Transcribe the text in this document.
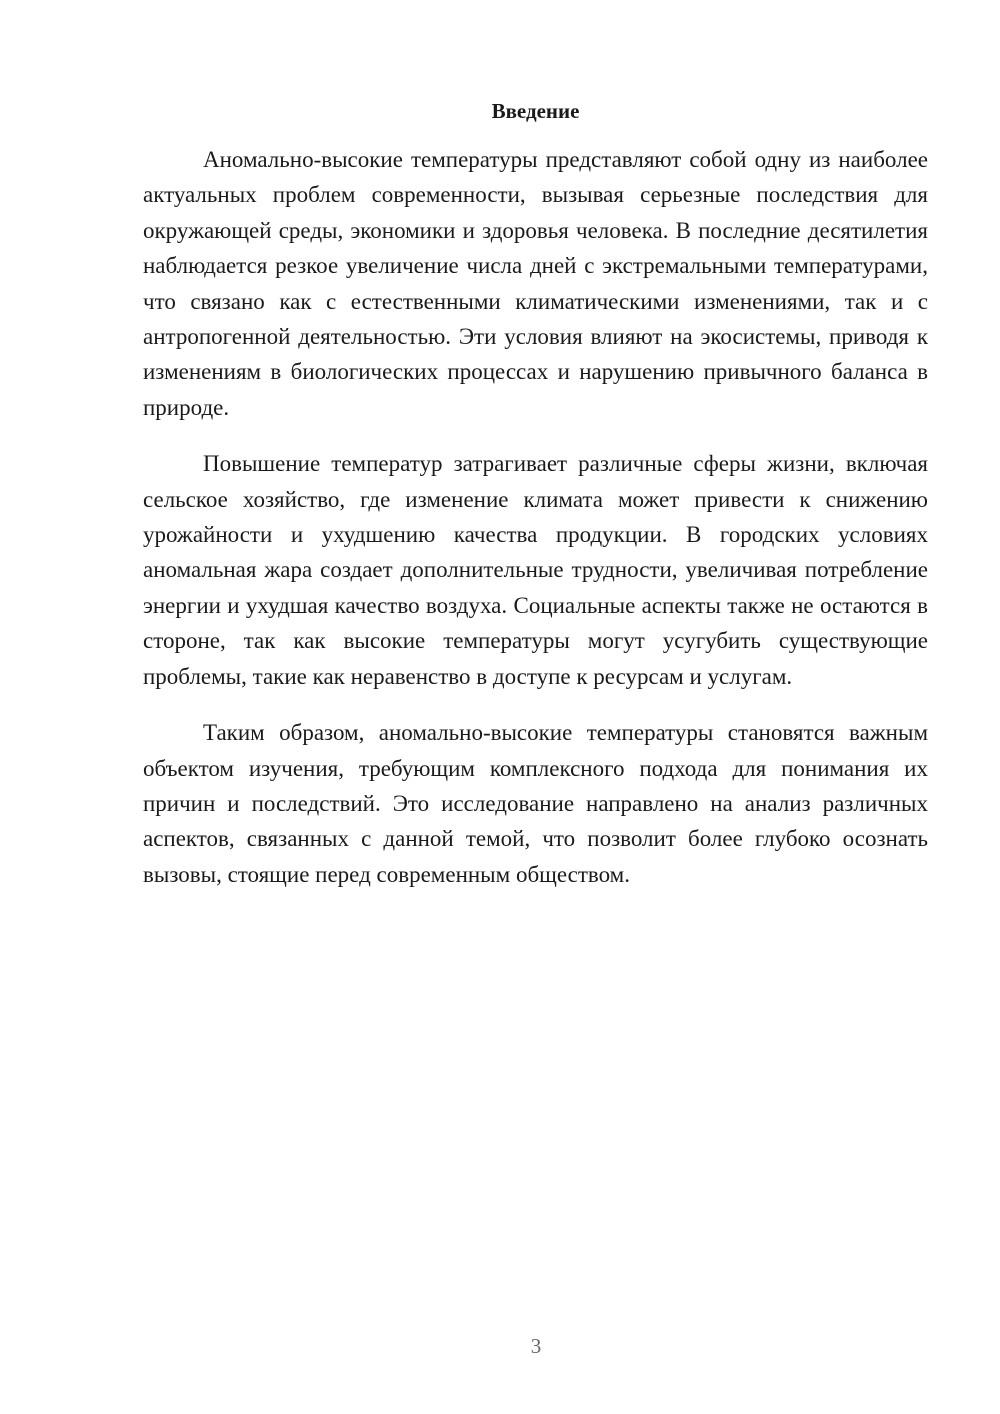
Введение

Аномально-высокие температуры представляют собой одну из наиболее актуальных проблем современности, вызывая серьезные последствия для окружающей среды, экономики и здоровья человека. В последние десятилетия наблюдается резкое увеличение числа дней с экстремальными температурами, что связано как с естественными климатическими изменениями, так и с антропогенной деятельностью. Эти условия влияют на экосистемы, приводя к изменениям в биологических процессах и нарушению привычного баланса в природе.

Повышение температур затрагивает различные сферы жизни, включая сельское хозяйство, где изменение климата может привести к снижению урожайности и ухудшению качества продукции. В городских условиях аномальная жара создает дополнительные трудности, увеличивая потребление энергии и ухудшая качество воздуха. Социальные аспекты также не остаются в стороне, так как высокие температуры могут усугубить существующие проблемы, такие как неравенство в доступе к ресурсам и услугам.

Таким образом, аномально-высокие температуры становятся важным объектом изучения, требующим комплексного подхода для понимания их причин и последствий. Это исследование направлено на анализ различных аспектов, связанных с данной темой, что позволит более глубоко осознать вызовы, стоящие перед современным обществом.

3
